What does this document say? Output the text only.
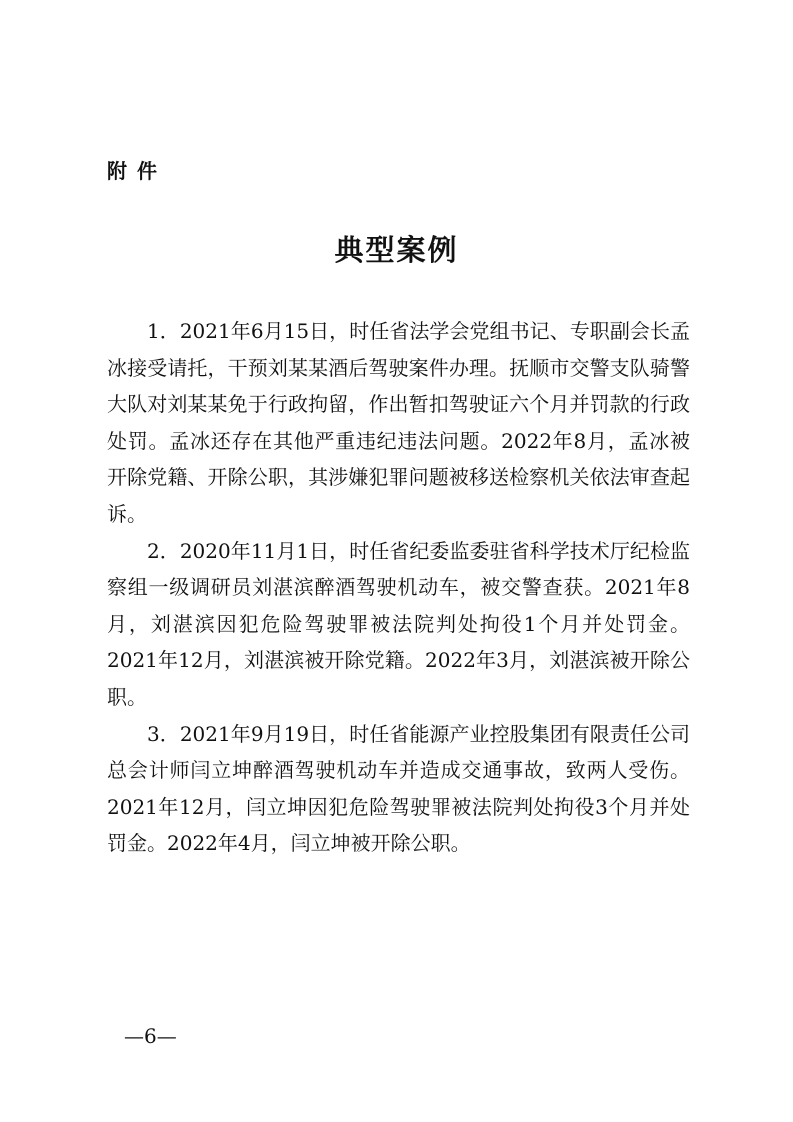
附件
典型案例

1．2021年6月15日，时任省法学会党组书记、专职副会长孟冰接受请托，干预刘某某酒后驾驶案件办理。抚顺市交警支队骑警大队对刘某某免于行政拘留，作出暂扣驾驶证六个月并罚款的行政处罚。孟冰还存在其他严重违纪违法问题。2022年8月，孟冰被开除党籍、开除公职，其涉嫌犯罪问题被移送检察机关依法审查起诉。

2．2020年11月1日，时任省纪委监委驻省科学技术厅纪检监察组一级调研员刘湛滨醉酒驾驶机动车，被交警查获。2021年8月，刘湛滨因犯危险驾驶罪被法院判处拘役1个月并处罚金。2021年12月，刘湛滨被开除党籍。2022年3月，刘湛滨被开除公职。

3．2021年9月19日，时任省能源产业控股集团有限责任公司总会计师闫立坤醉酒驾驶机动车并造成交通事故，致两人受伤。2021年12月，闫立坤因犯危险驾驶罪被法院判处拘役3个月并处罚金。2022年4月，闫立坤被开除公职。

—6—
